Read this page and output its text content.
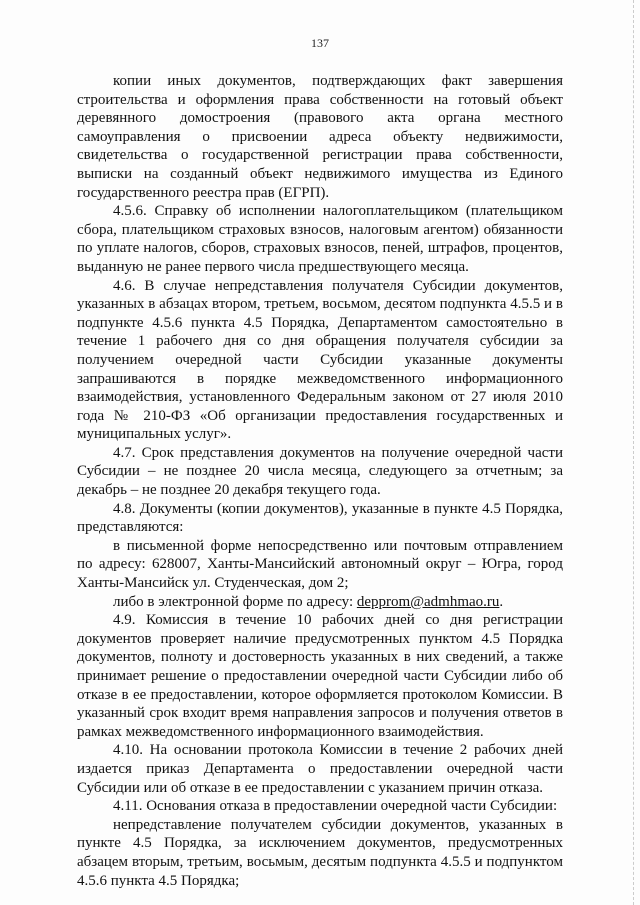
137

копии иных документов, подтверждающих факт завершения строительства и оформления права собственности на готовый объект деревянного домостроения (правового акта органа местного самоуправления о присвоении адреса объекту недвижимости, свидетельства о государственной регистрации права собственности, выписки на созданный объект недвижимого имущества из Единого государственного реестра прав (ЕГРП).

4.5.6. Справку об исполнении налогоплательщиком (плательщиком сбора, плательщиком страховых взносов, налоговым агентом) обязанности по уплате налогов, сборов, страховых взносов, пеней, штрафов, процентов, выданную не ранее первого числа предшествующего месяца.

4.6. В случае непредставления получателя Субсидии документов, указанных в абзацах втором, третьем, восьмом, десятом подпункта 4.5.5 и в подпункте 4.5.6 пункта 4.5 Порядка, Департаментом самостоятельно в течение 1 рабочего дня со дня обращения получателя субсидии за получением очередной части Субсидии указанные документы запрашиваются в порядке межведомственного информационного взаимодействия, установленного Федеральным законом от 27 июля 2010 года № 210-ФЗ «Об организации предоставления государственных и муниципальных услуг».

4.7. Срок представления документов на получение очередной части Субсидии – не позднее 20 числа месяца, следующего за отчетным; за декабрь – не позднее 20 декабря текущего года.

4.8. Документы (копии документов), указанные в пункте 4.5 Порядка, представляются:

в письменной форме непосредственно или почтовым отправлением по адресу: 628007, Ханты-Мансийский автономный округ – Югра, город Ханты-Мансийск ул. Студенческая, дом 2;

либо в электронной форме по адресу: depprom@admhmao.ru.

4.9. Комиссия в течение 10 рабочих дней со дня регистрации документов проверяет наличие предусмотренных пунктом 4.5 Порядка документов, полноту и достоверность указанных в них сведений, а также принимает решение о предоставлении очередной части Субсидии либо об отказе в ее предоставлении, которое оформляется протоколом Комиссии. В указанный срок входит время направления запросов и получения ответов в рамках межведомственного информационного взаимодействия.

4.10. На основании протокола Комиссии в течение 2 рабочих дней издается приказ Департамента о предоставлении очередной части Субсидии или об отказе в ее предоставлении с указанием причин отказа.

4.11. Основания отказа в предоставлении очередной части Субсидии:

непредставление получателем субсидии документов, указанных в пункте 4.5 Порядка, за исключением документов, предусмотренных абзацем вторым, третьим, восьмым, десятым подпункта 4.5.5 и подпунктом 4.5.6 пункта 4.5 Порядка;
